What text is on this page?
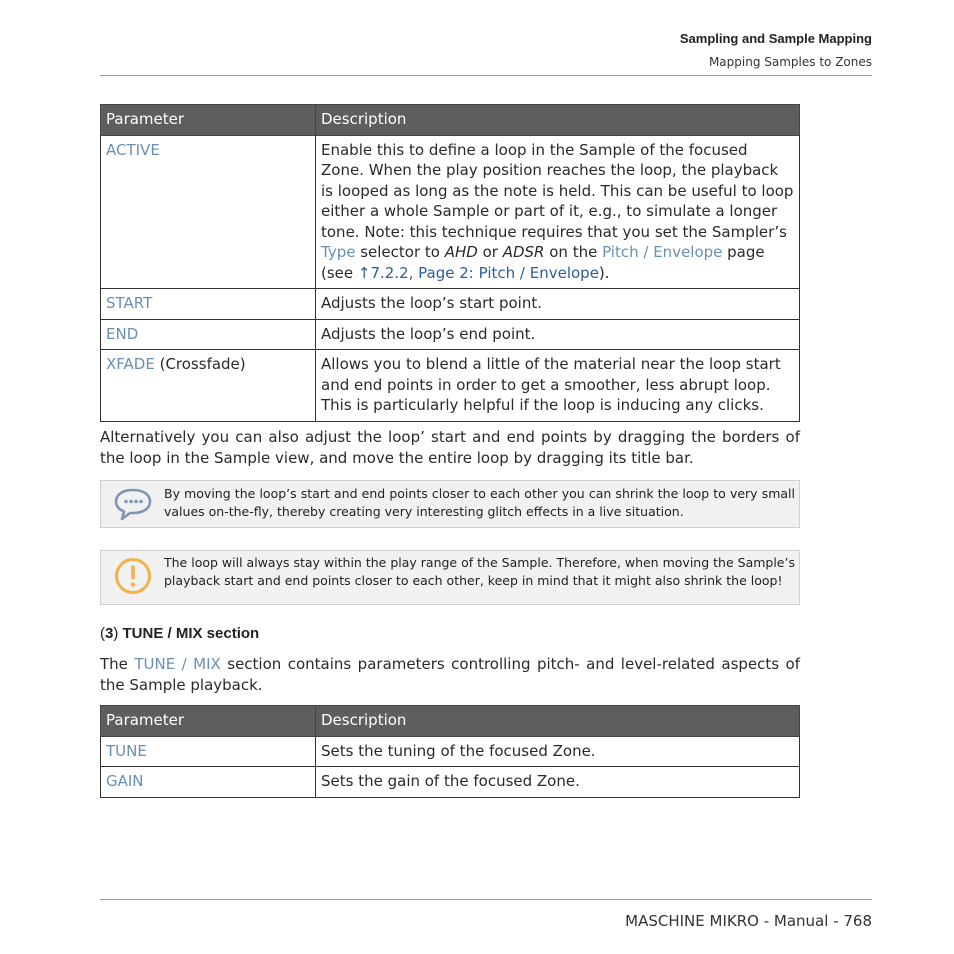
Sampling and Sample Mapping
Mapping Samples to Zones
Parameter	Description
ACTIVE	Enable this to define a loop in the Sample of the focused Zone. When the play position reaches the loop, the playback is looped as long as the note is held. This can be useful to loop either a whole Sample or part of it, e.g., to simulate a longer tone. Note: this technique requires that you set the Sampler’s Type selector to AHD or ADSR on the Pitch / Envelope page (see ↑7.2.2, Page 2: Pitch / Envelope).
START	Adjusts the loop’s start point.
END	Adjusts the loop’s end point.
XFADE (Crossfade)	Allows you to blend a little of the material near the loop start and end points in order to get a smoother, less abrupt loop. This is particularly helpful if the loop is inducing any clicks.

Alternatively you can also adjust the loop’ start and end points by dragging the borders of the loop in the Sample view, and move the entire loop by dragging its title bar.

By moving the loop’s start and end points closer to each other you can shrink the loop to very small values on-the-fly, thereby creating very interesting glitch effects in a live situation.
The loop will always stay within the play range of the Sample. Therefore, when moving the Sample’s playback start and end points closer to each other, keep in mind that it might also shrink the loop!
(3) TUNE / MIX section

The TUNE / MIX section contains parameters controlling pitch- and level-related aspects of the Sample playback.

Parameter	Description
TUNE	Sets the tuning of the focused Zone.
GAIN	Sets the gain of the focused Zone.
MASCHINE MIKRO - Manual - 768
